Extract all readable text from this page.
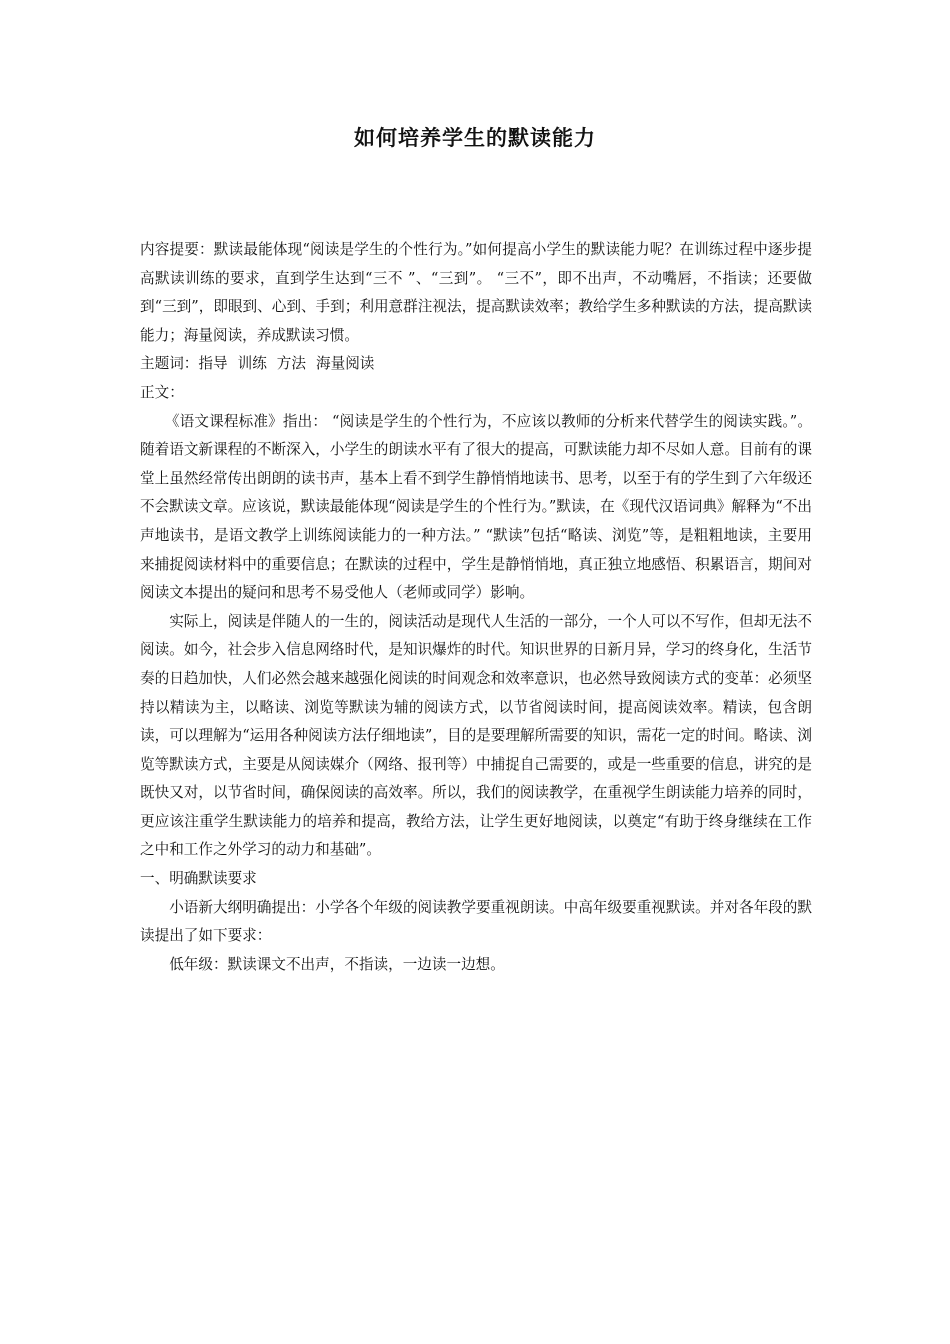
如何培养学生的默读能力

内容提要：默读最能体现“阅读是学生的个性行为。”如何提高小学生的默读能力呢？在训练过程中逐步提高默读训练的要求，直到学生达到“三不 ”、“三到”。 “三不”，即不出声，不动嘴唇，不指读；还要做到“三到”，即眼到、心到、手到；利用意群注视法，提高默读效率；教给学生多种默读的方法，提高默读能力；海量阅读，养成默读习惯。

主题词：指导 训练 方法 海量阅读

正文：

《语文课程标准》指出： “阅读是学生的个性行为，不应该以教师的分析来代替学生的阅读实践。”。随着语文新课程的不断深入，小学生的朗读水平有了很大的提高，可默读能力却不尽如人意。目前有的课堂上虽然经常传出朗朗的读书声，基本上看不到学生静悄悄地读书、思考，以至于有的学生到了六年级还不会默读文章。应该说，默读最能体现“阅读是学生的个性行为。”默读，在《现代汉语词典》解释为“不出声地读书，是语文教学上训练阅读能力的一种方法。” “默读”包括“略读、浏览”等，是粗粗地读，主要用来捕捉阅读材料中的重要信息；在默读的过程中，学生是静悄悄地，真正独立地感悟、积累语言，期间对阅读文本提出的疑问和思考不易受他人（老师或同学）影响。

实际上，阅读是伴随人的一生的，阅读活动是现代人生活的一部分，一个人可以不写作，但却无法不阅读。如今，社会步入信息网络时代，是知识爆炸的时代。知识世界的日新月异，学习的终身化，生活节奏的日趋加快，人们必然会越来越强化阅读的时间观念和效率意识，也必然导致阅读方式的变革：必须坚持以精读为主，以略读、浏览等默读为辅的阅读方式，以节省阅读时间，提高阅读效率。精读，包含朗读，可以理解为“运用各种阅读方法仔细地读”，目的是要理解所需要的知识，需花一定的时间。略读、浏览等默读方式，主要是从阅读媒介（网络、报刊等）中捕捉自己需要的，或是一些重要的信息，讲究的是既快又对，以节省时间，确保阅读的高效率。所以，我们的阅读教学，在重视学生朗读能力培养的同时，更应该注重学生默读能力的培养和提高，教给方法，让学生更好地阅读，以奠定“有助于终身继续在工作之中和工作之外学习的动力和基础”。

一、明确默读要求

小语新大纲明确提出：小学各个年级的阅读教学要重视朗读。中高年级要重视默读。并对各年段的默读提出了如下要求：

低年级：默读课文不出声，不指读，一边读一边想。
